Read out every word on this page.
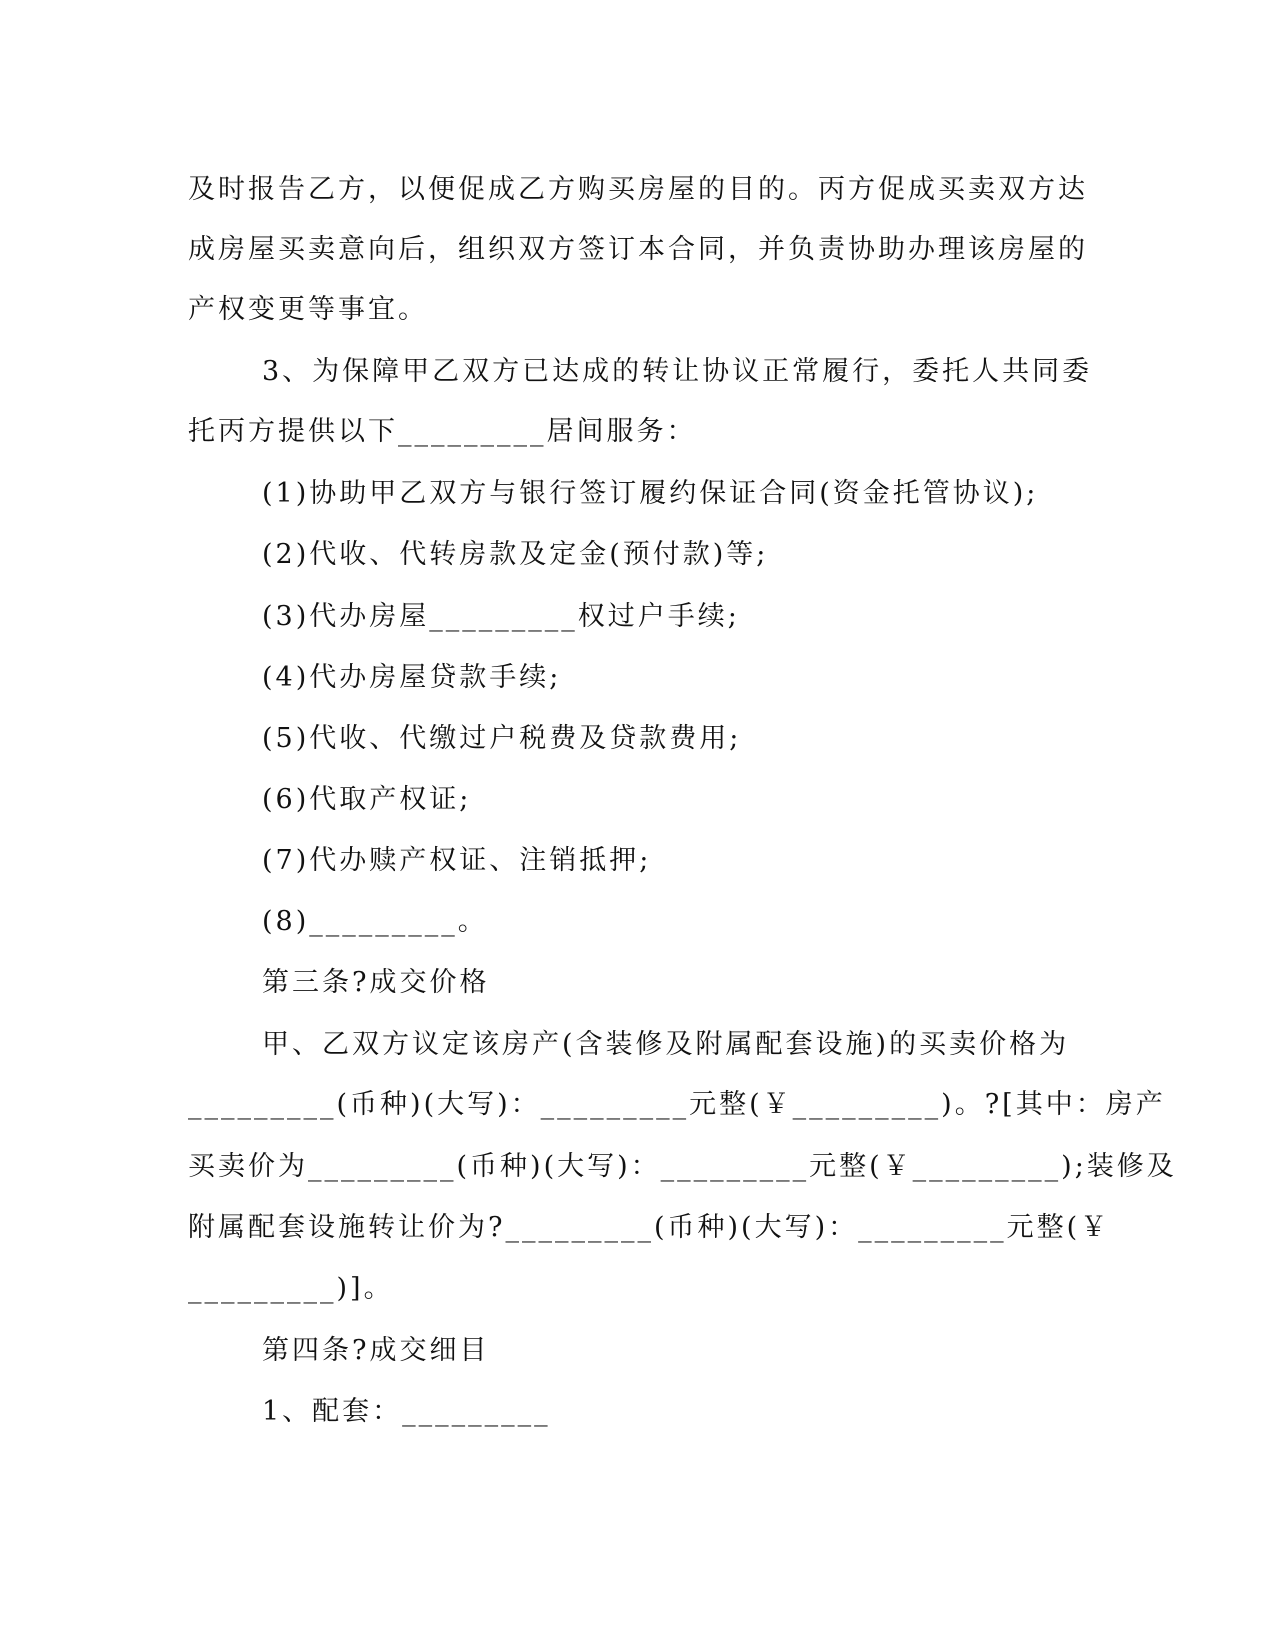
及时报告乙方，以便促成乙方购买房屋的目的。丙方促成买卖双方达
成房屋买卖意向后，组织双方签订本合同，并负责协助办理该房屋的
产权变更等事宜。
3、为保障甲乙双方已达成的转让协议正常履行，委托人共同委
托丙方提供以下_________居间服务：
(1)协助甲乙双方与银行签订履约保证合同(资金托管协议);
(2)代收、代转房款及定金(预付款)等;
(3)代办房屋_________权过户手续;
(4)代办房屋贷款手续;
(5)代收、代缴过户税费及贷款费用;
(6)代取产权证;
(7)代办赎产权证、注销抵押;
(8)_________。
第三条?成交价格
甲、乙双方议定该房产(含装修及附属配套设施)的买卖价格为
_________(币种)(大写)：_________元整(￥_________)。?[其中：房产
买卖价为_________(币种)(大写)：_________元整(￥_________);装修及
附属配套设施转让价为?_________(币种)(大写)：_________元整(￥
_________)]。
第四条?成交细目
1、配套：_________
